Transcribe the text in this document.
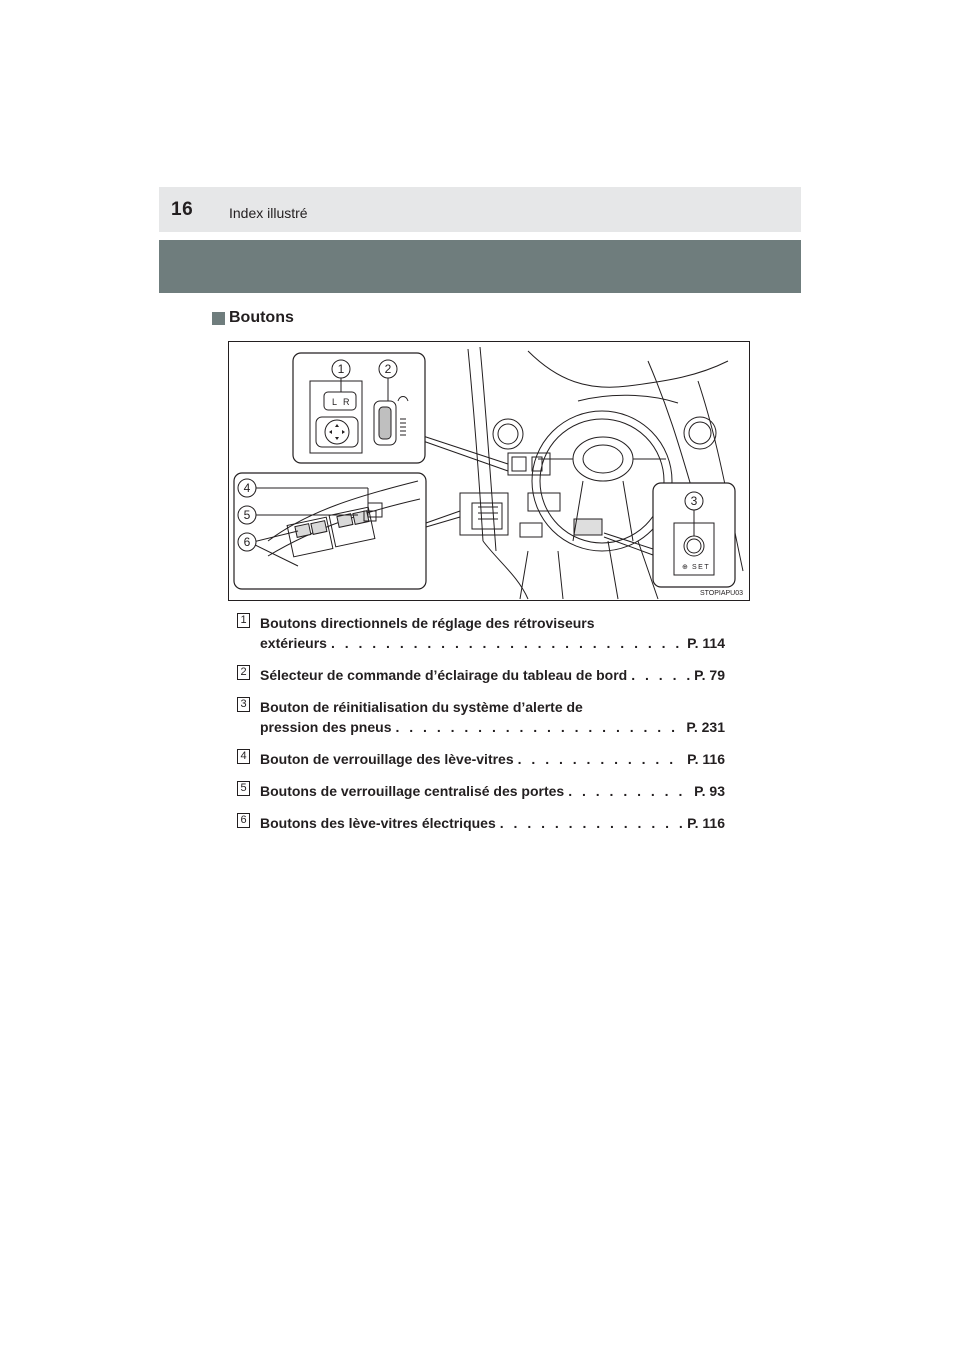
16	Index illustré
Boutons
L R
1	2
4
5
6
⊕ SET
3
STOPIAPU03
1 Boutons directionnels de réglage des rétroviseurs
extérieurs . . .	P. 114
2 Sélecteur de commande d’éclairage du tableau de bord . . .	P. 79
3 Bouton de réinitialisation du système d’alerte de
pression des pneus . . .	P. 231
4 Bouton de verrouillage des lève-vitres . . .	P. 116
5 Boutons de verrouillage centralisé des portes . . .	P. 93
6 Boutons des lève-vitres électriques . . .	P. 116
